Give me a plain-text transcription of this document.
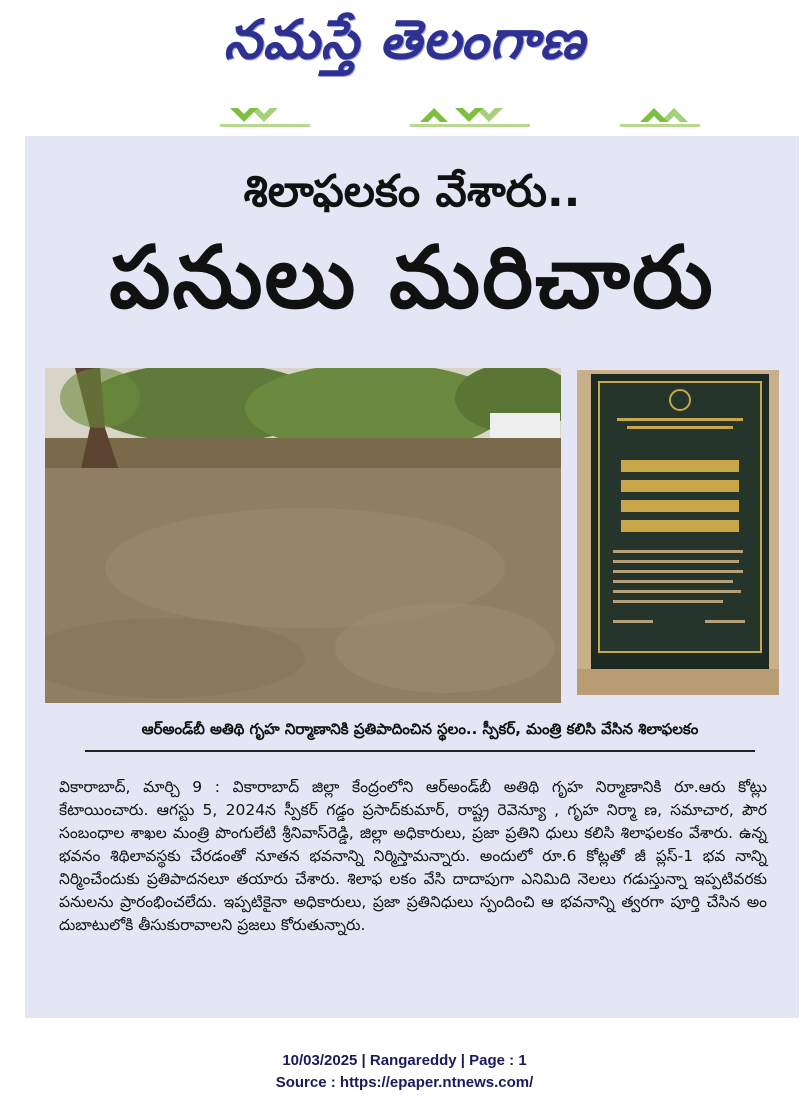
నమస్తే తెలంగాణ
శిలాఫలకం వేశారు..
పనులు మరిచారు
ఆర్‌అండ్‌బీ అతిథి గృహ నిర్మాణానికి ప్రతిపాదించిన స్థలం.. స్పీకర్, మంత్రి కలిసి వేసిన శిలాఫలకం
వికారాబాద్, మార్చి 9 : వికారాబాద్ జిల్లా కేంద్రంలోని ఆర్‌అండ్‌బీ అతిథి గృహ నిర్మాణానికి రూ.ఆరు కోట్లు కేటాయించారు. ఆగస్టు 5, 2024న స్పీకర్ గడ్డం ప్రసాద్‌కుమార్, రాష్ట్ర రెవెన్యూ , గృహ నిర్మా ణ, సమాచార, పౌర సంబంధాల శాఖల మంత్రి పొంగులేటి శ్రీనివాస్‌రెడ్డి, జిల్లా అధికారులు, ప్రజా ప్రతిని ధులు కలిసి శిలాఫలకం వేశారు. ఉన్న భవనం శిథిలావస్థకు చేరడంతో నూతన భవనాన్ని నిర్మిస్తామన్నారు. అందులో రూ.6 కోట్లతో జీ ప్లస్-1 భవ నాన్ని నిర్మించేందుకు ప్రతిపాదనలూ తయారు చేశారు. శిలాఫ లకం వేసి దాదాపుగా ఎనిమిది నెలలు గడుస్తున్నా ఇప్పటివరకు పనులను ప్రారంభించలేదు. ఇప్పటికైనా అధికారులు, ప్రజా ప్రతినిధులు స్పందించి ఆ భవనాన్ని త్వరగా పూర్తి చేసిన అం దుబాటులోకి తీసుకురావాలని ప్రజలు కోరుతున్నారు.
10/03/2025 | Rangareddy | Page : 1
Source : https://epaper.ntnews.com/
